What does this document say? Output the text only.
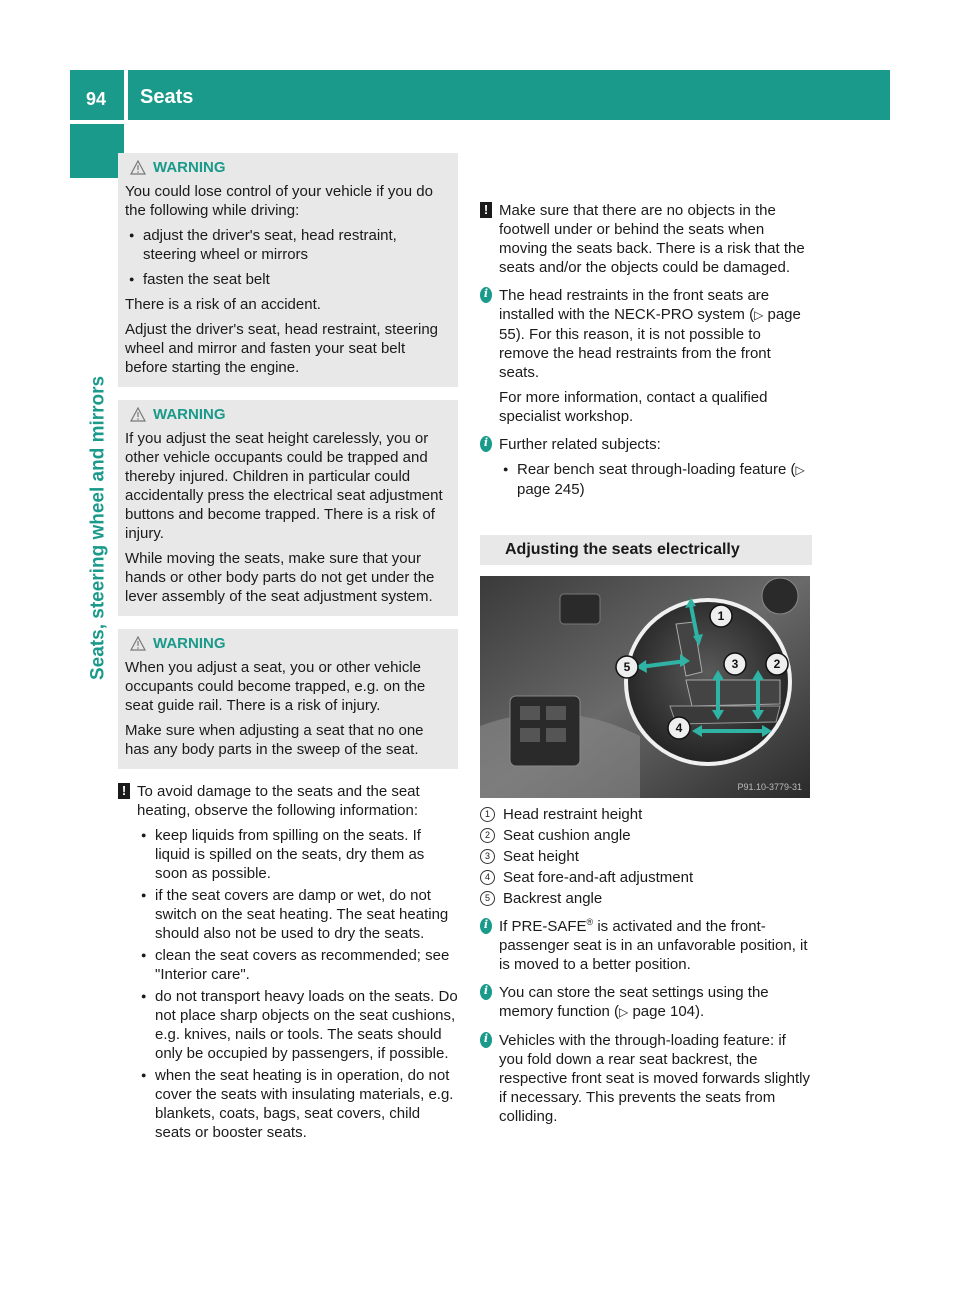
94 Seats
Seats, steering wheel and mirrors
WARNING

You could lose control of your vehicle if you do the following while driving:

● adjust the driver's seat, head restraint, steering wheel or mirrors
● fasten the seat belt

There is a risk of an accident.

Adjust the driver's seat, head restraint, steering wheel and mirror and fasten your seat belt before starting the engine.

WARNING

If you adjust the seat height carelessly, you or other vehicle occupants could be trapped and thereby injured. Children in particular could accidentally press the electrical seat adjustment buttons and become trapped. There is a risk of injury.

While moving the seats, make sure that your hands or other body parts do not get under the lever assembly of the seat adjustment system.

WARNING

When you adjust a seat, you or other vehicle occupants could become trapped, e.g. on the seat guide rail. There is a risk of injury.

Make sure when adjusting a seat that no one has any body parts in the sweep of the seat.

! To avoid damage to the seats and the seat heating, observe the following information:

● keep liquids from spilling on the seats. If liquid is spilled on the seats, dry them as soon as possible.
● if the seat covers are damp or wet, do not switch on the seat heating. The seat heating should also not be used to dry the seats.
● clean the seat covers as recommended; see "Interior care".
● do not transport heavy loads on the seats. Do not place sharp objects on the seat cushions, e.g. knives, nails or tools. The seats should only be occupied by passengers, if possible.
● when the seat heating is in operation, do not cover the seats with insulating materials, e.g. blankets, coats, bags, seat covers, child seats or booster seats.
! Make sure that there are no objects in the footwell under or behind the seats when moving the seats back. There is a risk that the seats and/or the objects could be damaged.

i The head restraints in the front seats are installed with the NECK-PRO system (▷ page 55). For this reason, it is not possible to remove the head restraints from the front seats.

For more information, contact a qualified specialist workshop.

i Further related subjects:

● Rear bench seat through-loading feature (▷ page 245)
Adjusting the seats electrically
1
2
3
4
5
P91.10-3779-31
1 Head restraint height
2 Seat cushion angle
3 Seat height
4 Seat fore-and-aft adjustment
5 Backrest angle
i If PRE-SAFE® is activated and the front-passenger seat is in an unfavorable position, it is moved to a better position.

i You can store the seat settings using the memory function (▷ page 104).

i Vehicles with the through-loading feature: if you fold down a rear seat backrest, the respective front seat is moved forwards slightly if necessary. This prevents the seats from colliding.
